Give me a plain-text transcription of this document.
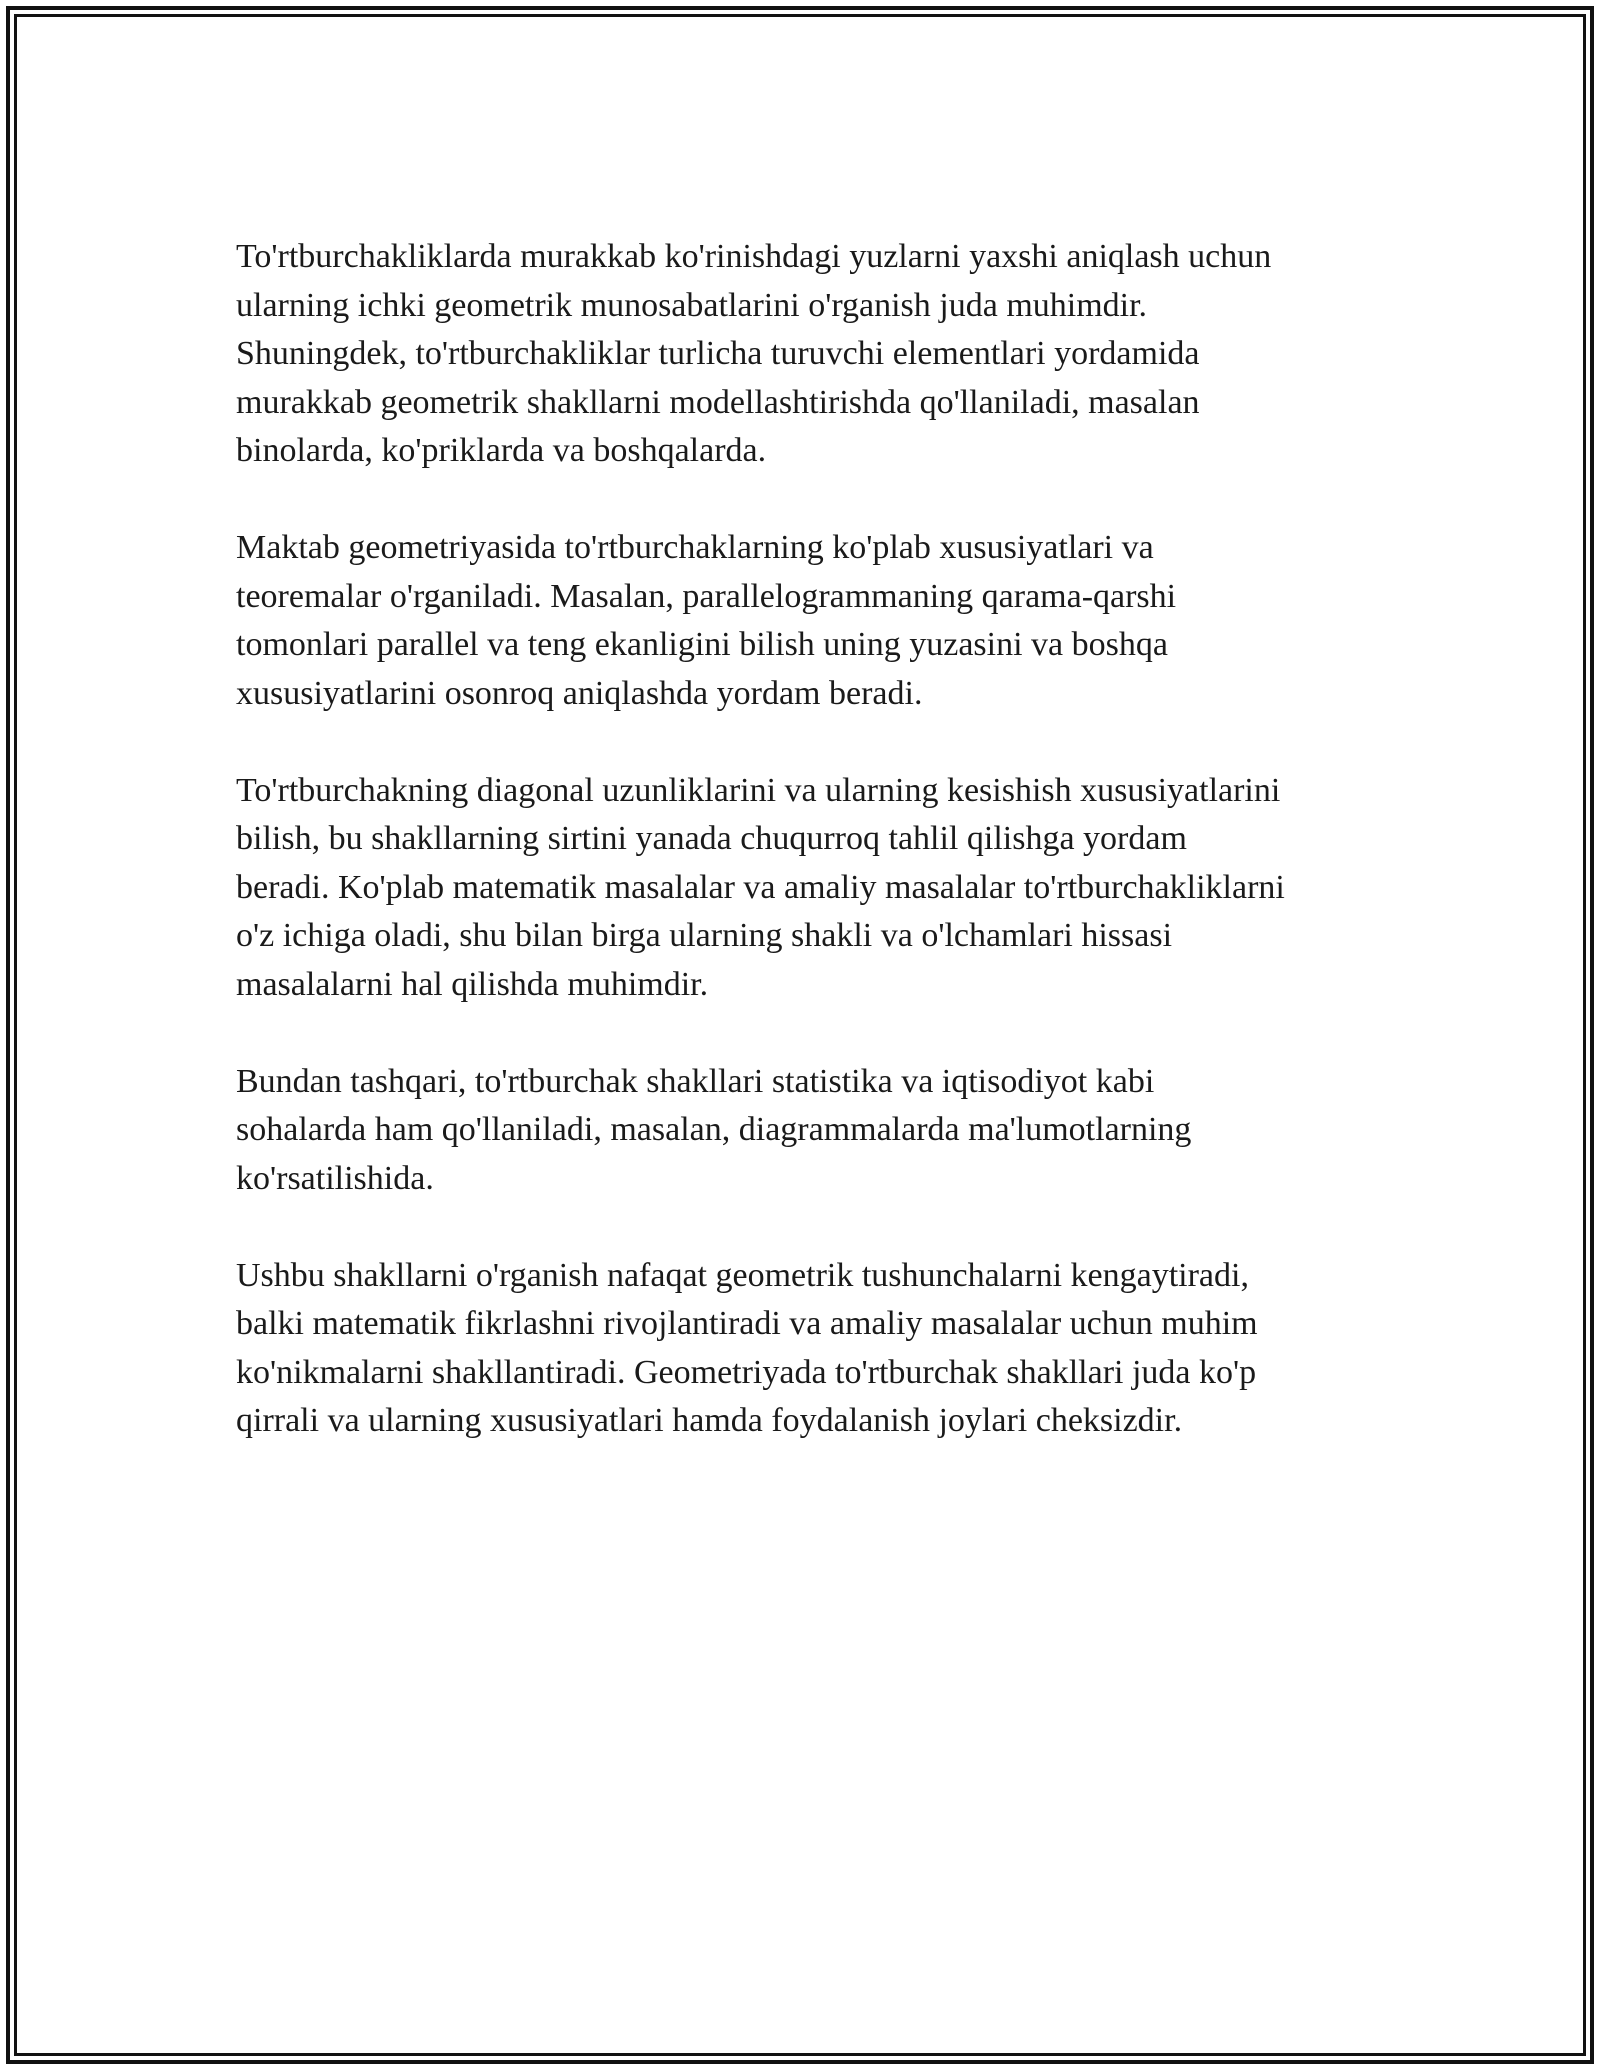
To'rtburchakliklarda murakkab ko'rinishdagi yuzlarni yaxshi aniqlash uchun
ularning ichki geometrik munosabatlarini o'rganish juda muhimdir.
Shuningdek, to'rtburchakliklar turlicha turuvchi elementlari yordamida
murakkab geometrik shakllarni modellashtirishda qo'llaniladi, masalan
binolarda, ko'priklarda va boshqalarda.

Maktab geometriyasida to'rtburchaklarning ko'plab xususiyatlari va
teoremalar o'rganiladi. Masalan, parallelogrammaning qarama-qarshi
tomonlari parallel va teng ekanligini bilish uning yuzasini va boshqa
xususiyatlarini osonroq aniqlashda yordam beradi.

To'rtburchakning diagonal uzunliklarini va ularning kesishish xususiyatlarini
bilish, bu shakllarning sirtini yanada chuqurroq tahlil qilishga yordam
beradi. Ko'plab matematik masalalar va amaliy masalalar to'rtburchakliklarni
o'z ichiga oladi, shu bilan birga ularning shakli va o'lchamlari hissasi
masalalarni hal qilishda muhimdir.

Bundan tashqari, to'rtburchak shakllari statistika va iqtisodiyot kabi
sohalarda ham qo'llaniladi, masalan, diagrammalarda ma'lumotlarning
ko'rsatilishida.

Ushbu shakllarni o'rganish nafaqat geometrik tushunchalarni kengaytiradi,
balki matematik fikrlashni rivojlantiradi va amaliy masalalar uchun muhim
ko'nikmalarni shakllantiradi. Geometriyada to'rtburchak shakllari juda ko'p
qirrali va ularning xususiyatlari hamda foydalanish joylari cheksizdir.
